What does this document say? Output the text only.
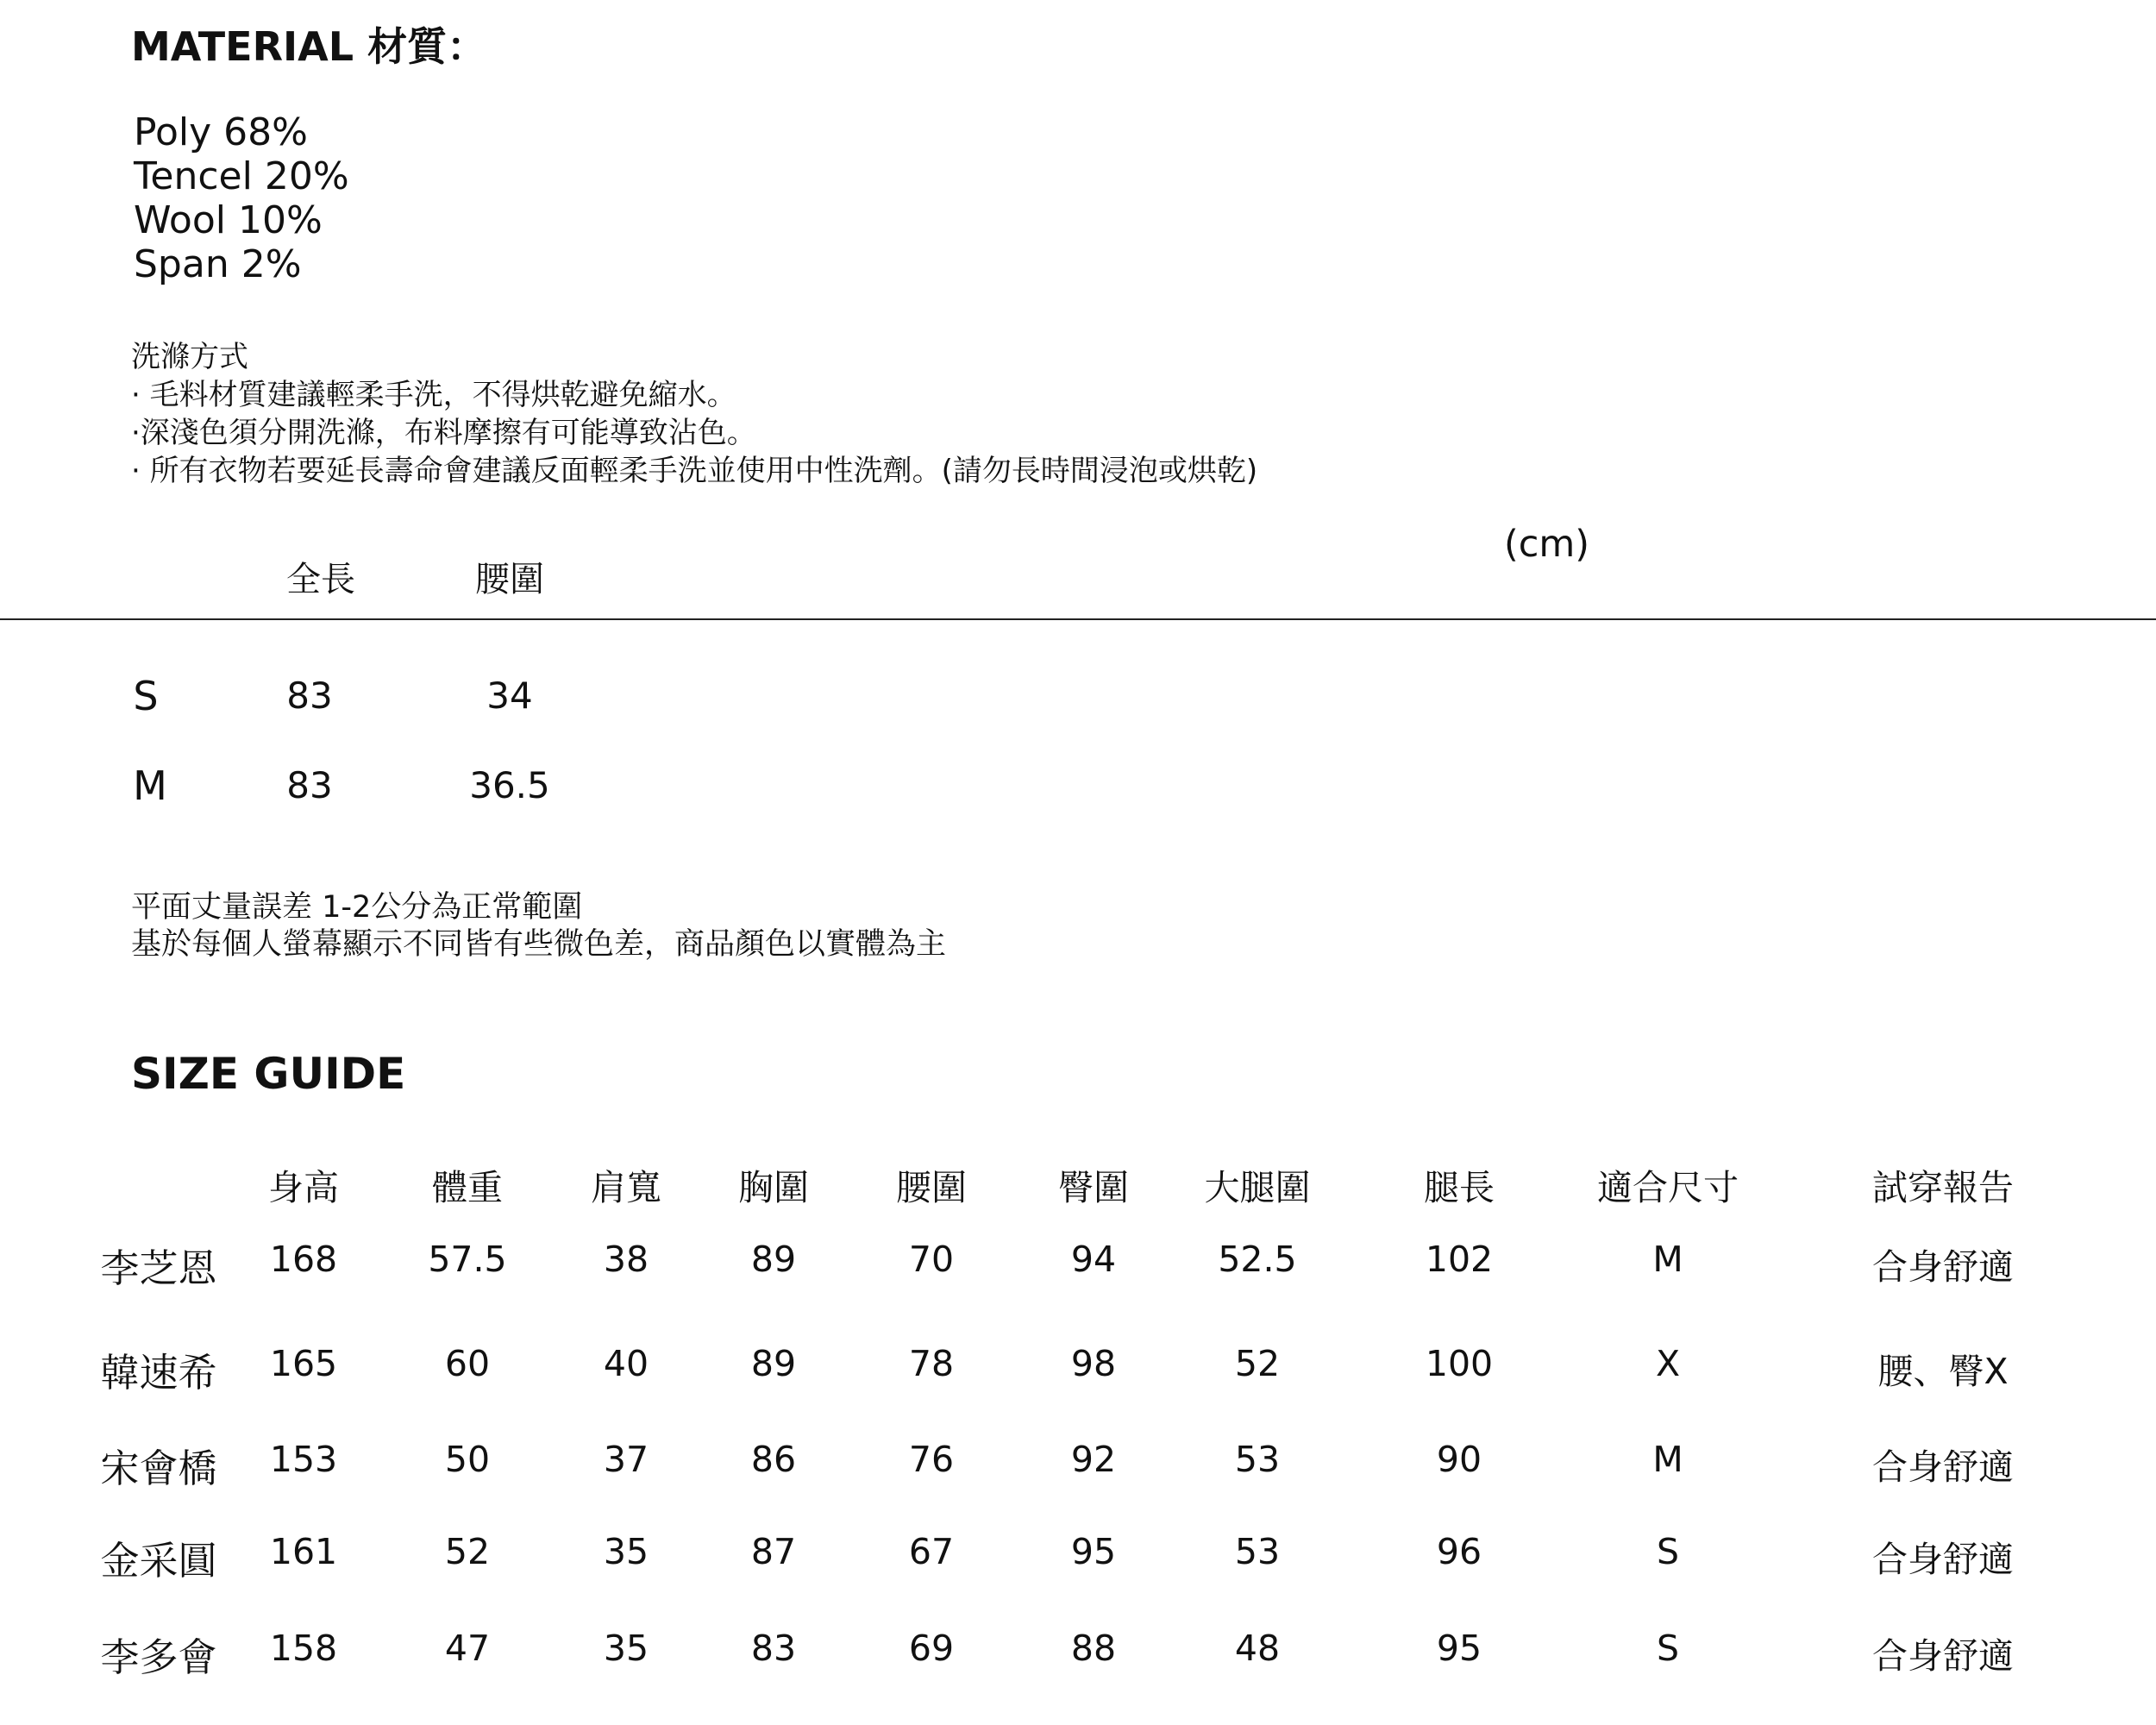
MATERIAL 材質：
Poly 68%
Tencel 20%
Wool 10%
Span 2%
洗滌方式
· 毛料材質建議輕柔手洗，不得烘乾避免縮水。
·深淺色須分開洗滌，布料摩擦有可能導致沾色。
· 所有衣物若要延長壽命會建議反面輕柔手洗並使用中性洗劑。(請勿長時間浸泡或烘乾)
(cm)
全長	腰圍
S	83	34
M	83	36.5
平面丈量誤差 1-2公分為正常範圍
基於每個人螢幕顯示不同皆有些微色差，商品顏色以實體為主
SIZE GUIDE
身高	體重 肩寬 胸圍 腰圍	臀圍 大腿圍	腿長	適合尺寸	試穿報告
李芝恩 168	57.5	38	89	70	94	52.5	102	M	合身舒適
韓速希 165	60	40	89	78	98	52	100	X	腰、臀X
宋會橋 153	50	37	86	76	92	53	90	M	合身舒適
金采圓 161	52	35	87	67	95	53	96	S	合身舒適
李多會 158	47	35	83	69	88	48	95	S	合身舒適
